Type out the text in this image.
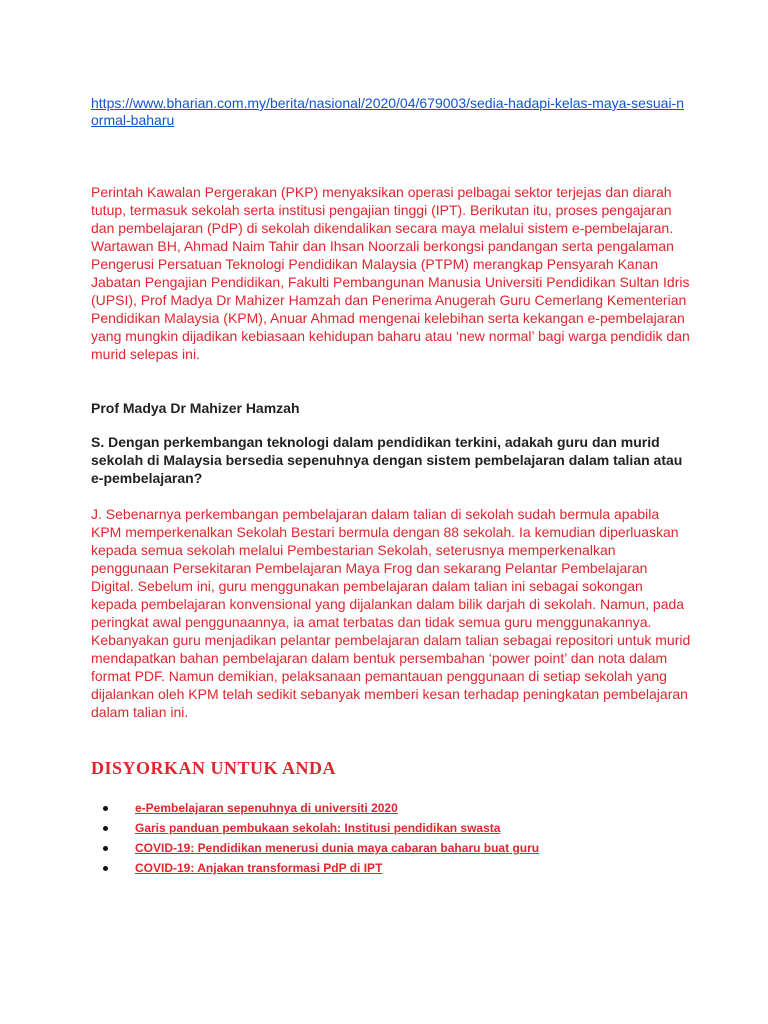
https://www.bharian.com.my/berita/nasional/2020/04/679003/sedia-hadapi-kelas-maya-sesuai-normal-baharu

Perintah Kawalan Pergerakan (PKP) menyaksikan operasi pelbagai sektor terjejas dan diarah tutup, termasuk sekolah serta institusi pengajian tinggi (IPT). Berikutan itu, proses pengajaran dan pembelajaran (PdP) di sekolah dikendalikan secara maya melalui sistem e-pembelajaran. Wartawan BH, Ahmad Naim Tahir dan Ihsan Noorzali berkongsi pandangan serta pengalaman Pengerusi Persatuan Teknologi Pendidikan Malaysia (PTPM) merangkap Pensyarah Kanan Jabatan Pengajian Pendidikan, Fakulti Pembangunan Manusia Universiti Pendidikan Sultan Idris (UPSI), Prof Madya Dr Mahizer Hamzah dan Penerima Anugerah Guru Cemerlang Kementerian Pendidikan Malaysia (KPM), Anuar Ahmad mengenai kelebihan serta kekangan e-pembelajaran yang mungkin dijadikan kebiasaan kehidupan baharu atau ‘new normal’ bagi warga pendidik dan murid selepas ini.

Prof Madya Dr Mahizer Hamzah

S. Dengan perkembangan teknologi dalam pendidikan terkini, adakah guru dan murid sekolah di Malaysia bersedia sepenuhnya dengan sistem pembelajaran dalam talian atau e-pembelajaran?

J. Sebenarnya perkembangan pembelajaran dalam talian di sekolah sudah bermula apabila KPM memperkenalkan Sekolah Bestari bermula dengan 88 sekolah. Ia kemudian diperluaskan kepada semua sekolah melalui Pembestarian Sekolah, seterusnya memperkenalkan penggunaan Persekitaran Pembelajaran Maya Frog dan sekarang Pelantar Pembelajaran Digital. Sebelum ini, guru menggunakan pembelajaran dalam talian ini sebagai sokongan kepada pembelajaran konvensional yang dijalankan dalam bilik darjah di sekolah. Namun, pada peringkat awal penggunaannya, ia amat terbatas dan tidak semua guru menggunakannya. Kebanyakan guru menjadikan pelantar pembelajaran dalam talian sebagai repositori untuk murid mendapatkan bahan pembelajaran dalam bentuk persembahan ‘power point’ dan nota dalam format PDF. Namun demikian, pelaksanaan pemantauan penggunaan di setiap sekolah yang dijalankan oleh KPM telah sedikit sebanyak memberi kesan terhadap peningkatan pembelajaran dalam talian ini.

DISYORKAN UNTUK ANDA
e-Pembelajaran sepenuhnya di universiti 2020
Garis panduan pembukaan sekolah: Institusi pendidikan swasta
COVID-19: Pendidikan menerusi dunia maya cabaran baharu buat guru
COVID-19: Anjakan transformasi PdP di IPT
